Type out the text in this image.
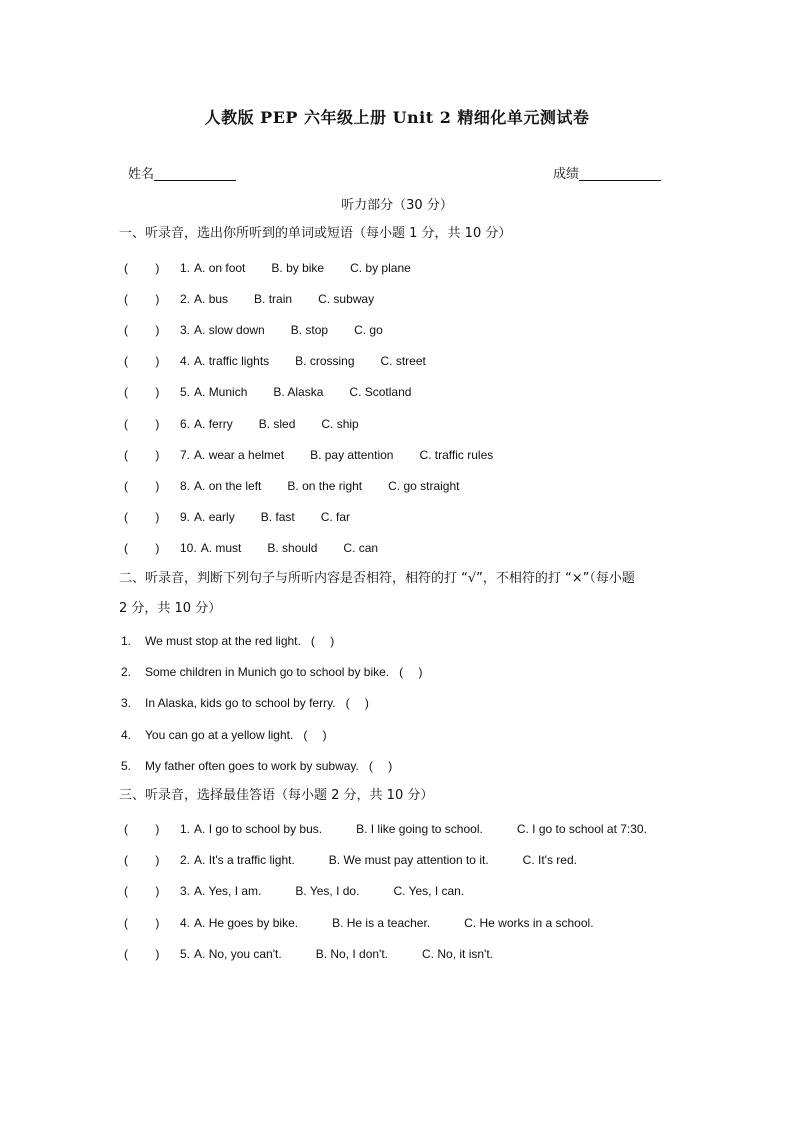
人教版 PEP 六年级上册 Unit 2 精细化单元测试卷
姓名	成绩
听力部分（30 分）
一、听录音，选出你所听到的单词或短语（每小题 1 分，共 10 分）
(　　 ) 1. A. on foot B. by bike C. by plane
(　　 ) 2. A. bus B. train C. subway
(　　 ) 3. A. slow down B. stop C. go
(　　 ) 4. A. traffic lights B. crossing C. street
(　　 ) 5. A. Munich B. Alaska C. Scotland
(　　 ) 6. A. ferry B. sled C. ship
(　　 ) 7. A. wear a helmet B. pay attention C. traffic rules
(　　 ) 8. A. on the left B. on the right C. go straight
(　　 ) 9. A. early B. fast C. far
(　　 ) 10. A. must B. should C. can
二、听录音，判断下列句子与所听内容是否相符，相符的打 “√”，不相符的打 “×”（每小题
2 分，共 10 分）
1. We must stop at the red light. (　 )
2. Some children in Munich go to school by bike. (　 )
3. In Alaska, kids go to school by ferry. (　 )
4. You can go at a yellow light. (　 )
5. My father often goes to work by subway. (　 )
三、听录音，选择最佳答语（每小题 2 分，共 10 分）
(　　 ) 1. A. I go to school by bus.	B. I like going to school.	C. I go to school at 7:30.
(　　 ) 2. A. It's a traffic light.	B. We must pay attention to it.	C. It's red.
(　　 ) 3. A. Yes, I am.	B. Yes, I do.	C. Yes, I can.
(　　 ) 4. A. He goes by bike.	B. He is a teacher.	C. He works in a school.
(　　 ) 5. A. No, you can't.	B. No, I don't.	C. No, it isn't.
